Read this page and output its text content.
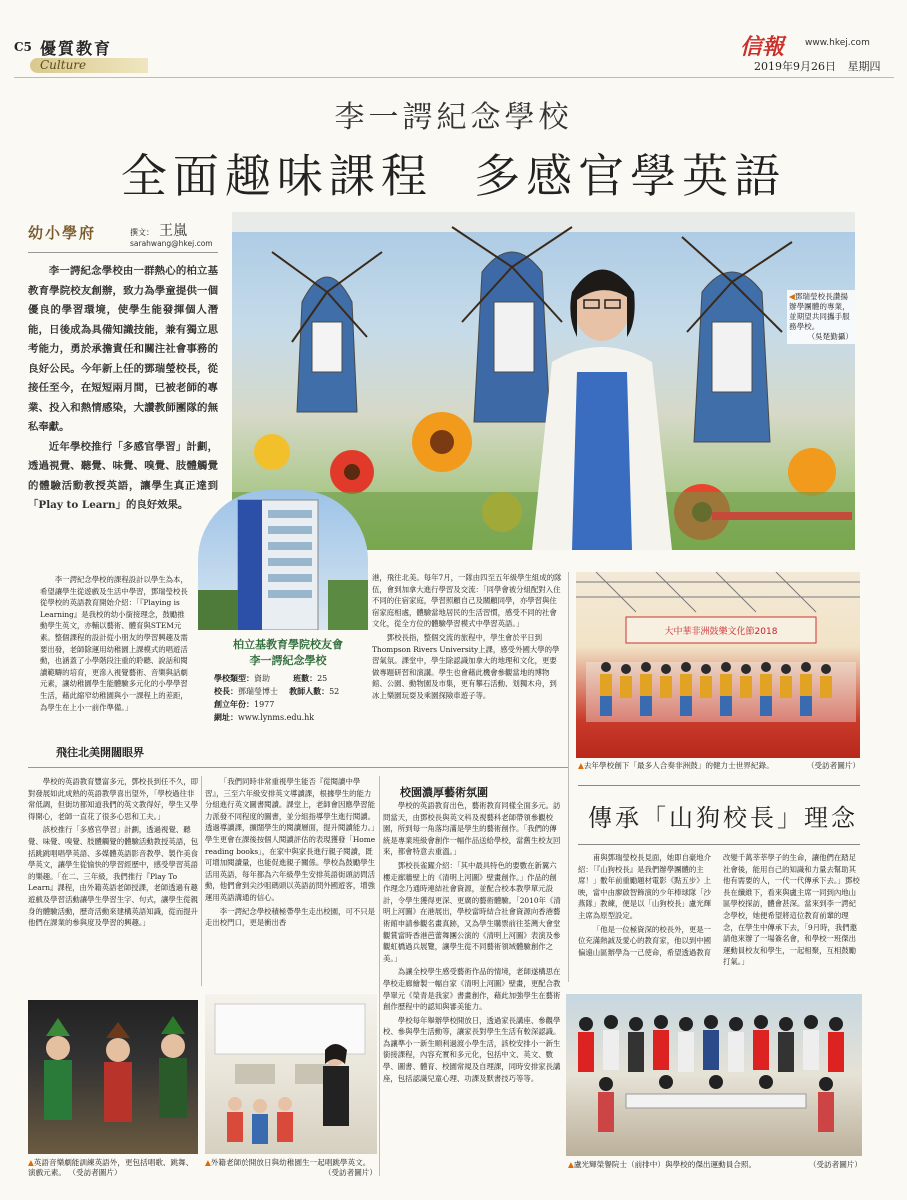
C5 優質教育
Culture
信報 www.hkej.com
2019年9月26日 星期四
李一諤紀念學校
全面趣味課程  多感官學英語
幼小學府	撰文： 王嵐
sarahwang@hkej.com

李一諤紀念學校由一群熱心的柏立基教育學院校友創辦，致力為學童提供一個優良的學習環境，使學生能發揮個人潛能，日後成為具備知識技能，兼有獨立思考能力，勇於承擔責任和關注社會事務的良好公民。今年新上任的鄧瑞瑩校長，從接任至今，在短短兩月間，已被老師的專業、投入和熱情感染，大讚教師團隊的無私奉獻。

近年學校推行「多感官學習」計劃，透過視覺、聽覺、味覺、嗅覺、肢體觸覺的體驗活動教授英語，讓學生真正達到「Play to Learn」的良好效果。

◀鄧瑞瑩校長讚揚辦學團體的專業，並期望共同攜手服務學校。

（吳楚勤攝）
柏立基教育學院校友會
李一諤紀念學校
學校類型：資助	班數：25
校長：鄧瑞瑩博士 教師人數：52
創立年份：1977
網址：www.lynms.edu.hk

李一諤紀念學校的課程設計以學生為本，希望讓學生從遊戲及生活中學習，鄧瑞瑩校長從學校的英語教育開始介紹：「『Playing is Learning』是我校的幼小銜接理念，鼓勵推動學生英文，亦輔以藝術、體育與STEM元素。整個課程的設計從小朋友的學習興趣及需要出發，老師除運用幼稚園上課模式的唱遊活動，也涵蓋了小學階段注重的聆聽、說話和閱讀範疇的培育，更滲入視覺藝術、音樂與話劇元素，讓幼稚園學生能體驗多元化的小學學習生活，藉此縮窄幼稚園與小一課程上的差距，為學生在上小一前作準備。」

飛往北美開闊眼界

港，飛往北美。每年7月，一隊由四至五年級學生組成的隊伍，會到加拿大進行學習及交流：「同學會被分組配對入住不同的住宿家庭，學習照顧自己及關顧同學，亦學習與住宿家庭相處，體驗當地居民的生活習慣，感受不同的社會文化，從全方位的體驗學習模式中學習英語。」

鄧校長指，整個交流的旅程中，學生會於平日到Thompson Rivers University上課，感受外國大學的學習氣氛。課堂中，學生除認識加拿大的地理和文化，更要做專題研習和演講。學生也會藉此機會參觀當地的博物館、公園、動物園及市集，更有攀石活動、划獨木舟，到冰上樂園玩耍及乘園探險車遊子等。

大中華非洲鼓樂文化節2018
▲去年學校創下「最多人合奏非洲鼓」的健力士世界紀錄。	（受訪者圖片）

學校的英語教育豐富多元，鄧校長到任不久，即對發展如此成熟的英語教學喜出望外，「學校過往非常低調，但街坊都知道我們的英文教得好，學生又學得開心，老師一直花了很多心思和工夫。」

該校推行「多感官學習」計劃，透過視覺、聽覺、味覺、嗅覺、肢體觸覺的體驗活動教授英語，包括跳跳唱唱學英語、多媒體英語影音教學、製作美食學英文，讓學生從愉快的學習經歷中，感受學習英語的樂趣。「在二、三年級，我們推行『Play To Learn』課程，由外籍英語老師授課，老師透過有趣遊戲及學習活動讓學生學習生字、句式，讓學生從親身的體驗活動，歷奇活動來建構英語知識，從而提升他們在課業的參與度及學習的興趣。」

「我們同時非常重視學生能否『從閱讀中學習』，三至六年級安排英文導讀課，根據學生的能力分組進行英文圖書閱讀。課堂上，老師會因應學習能力派發不同程度的圖書，並分組指導學生進行閱讀。透過導讀課，擴闊學生的閱讀層面，提升閱讀能力。」學生更會在課後按個人閱讀評估的表現獲發「Home reading books」，在家中與家長進行親子閱讀，既可增加閱讀量，也能促進親子關係。學校為鼓勵學生活用英語，每年都為六年級學生安排英語街頭訪問活動，他們會到尖沙咀碼頭以英語訪問外國遊客，增強運用英語溝通的信心。

李一諤紀念學校積極帶學生走出校園，可不只是走出校門口，更是衝出香

校園濃厚藝術氛圍

學校的英語教育出色，藝術教育同樣全面多元。訪問當天，由鄧校長與英文科及視藝科老師帶領參觀校園，所到每一角落均滿是學生的藝術創作。「我們的傳統是專業班級會創作一幅作品送給學校，當舊生校友回來，都會特意去重溫。」

鄧校長雀躍介紹：「其中最具特色的要數在新翼六樓走廊牆壁上的《清明上河圖》壁畫創作。」作品的創作理念乃通時連結社會資源，並配合校本教學單元設計，令學生獲得更深、更廣的藝術體驗。「2010年《清明上河圖》在港展出，學校當時結合社會資源向香港藝術館申請參觀名畫真跡，又為學生購票前往荃灣大會堂觀賞當時香港芭蕾舞團公演的《清明上河圖》表演及參觀虹橋過兵展覽，讓學生從不同藝術領域體驗創作之美。」

為讓全校學生感受藝術作品的情境，老師遂構思在學校走廊繪製一幅自家《清明上河圖》壁畫，更配合教學單元《榮青是我家》書畫創作，藉此加強學生在藝術創作歷程中的認知與審美能力。

學校每年舉辦學校開放日，透過家長講座、參觀學校、參與學生活動等，讓家長對學生生活有較深認識。為讓準小一新生順利過渡小學生活，該校安排小一新生銜接課程，內容充實和多元化，包括中文、英文、數學、圖書、體育、校園常規及自理課，同時安排家長講座，包括認識兒童心理、功課及默書技巧等等。

傳承「山狗校長」理念

甫與鄧瑞瑩校長見面，她即自豪地介紹：「『山狗校長』是我們辦學團體的主席！」數年前重勵題材電影《點五步》上映，當中由廖啟智飾演的少年棒球隊「沙燕隊」教練，便是以「山狗校長」盧光輝主席為原型設定。

「他是一位極資深的校長外，更是一位充滿熱誠及愛心的教育家，他以到中國偏遠山區辦學為一己使命，希望透過教育改變千萬莘莘學子的生命，讓他們在踏足社會後，能用自己的知識和力量去幫助其他有需要的人，一代一代傳承下去。」鄧校長在纖維下，看來與盧主席一同到內地山區學校探訪，體會甚深。當來到李一諤紀念學校，她便希望將這位教育前輩的理念，在學生中傳承下去，「9月時，我們邀請他來辦了一場簽名會，和學校一班傑出運動員校友和學生，一起相聚，互相鼓勵打氣。」

▲盧光輝榮譽院士（前排中）與學校的傑出運動員合照。	（受訪者圖片）
▲英語音樂劇能訓練英語外，更包括唱歌、跳舞、演戲元素。 （受訪者圖片）
▲外籍老師於開放日與幼稚園生一起唱跳學英文。
（受訪者圖片）
